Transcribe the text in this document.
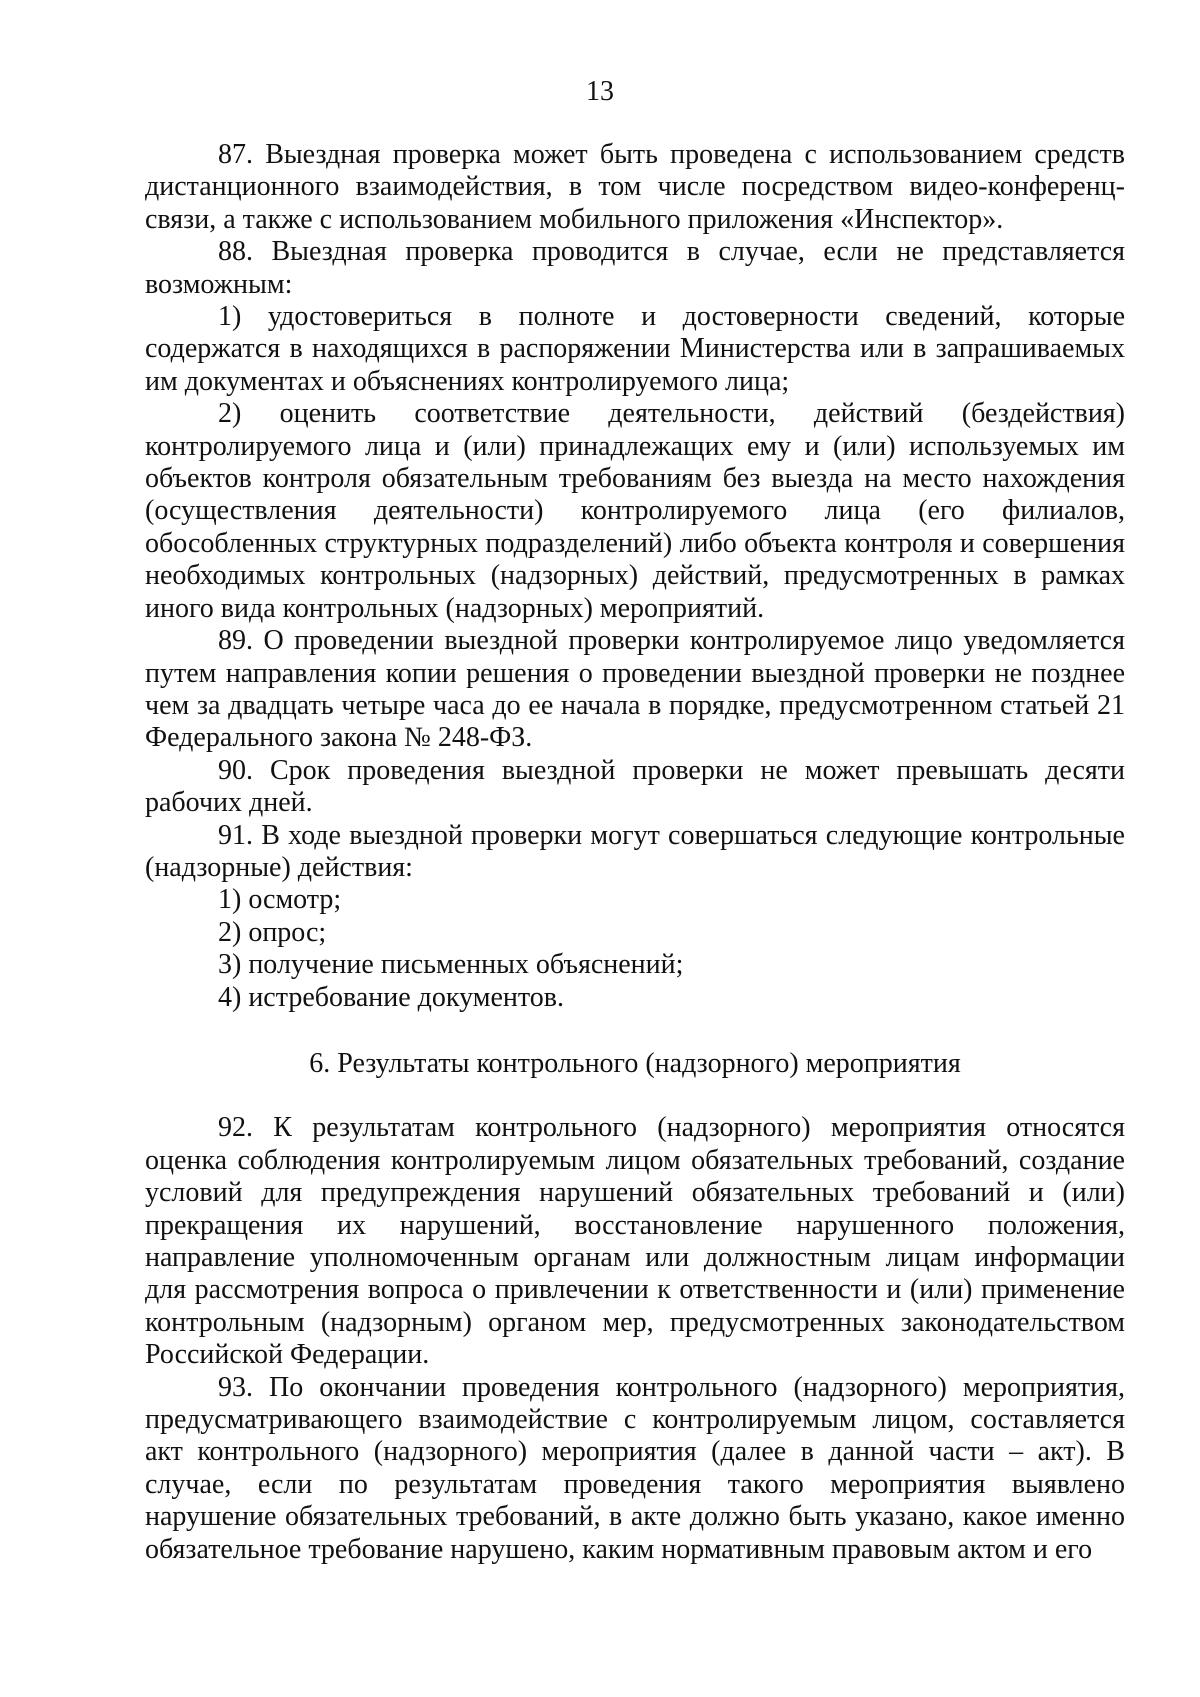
13

87. Выездная проверка может быть проведена с использованием средств дистанционного взаимодействия, в том числе посредством видео-конференц-связи, а также с использованием мобильного приложения «Инспектор».

88. Выездная проверка проводится в случае, если не представляется возможным:

1) удостовериться в полноте и достоверности сведений, которые содержатся в находящихся в распоряжении Министерства или в запрашиваемых им документах и объяснениях контролируемого лица;

2) оценить соответствие деятельности, действий (бездействия) контролируемого лица и (или) принадлежащих ему и (или) используемых им объектов контроля обязательным требованиям без выезда на место нахождения (осуществления деятельности) контролируемого лица (его филиалов, обособленных структурных подразделений) либо объекта контроля и совершения необходимых контрольных (надзорных) действий, предусмотренных в рамках иного вида контрольных (надзорных) мероприятий.

89. О проведении выездной проверки контролируемое лицо уведомляется путем направления копии решения о проведении выездной проверки не позднее чем за двадцать четыре часа до ее начала в порядке, предусмотренном статьей 21 Федерального закона № 248-ФЗ.

90. Срок проведения выездной проверки не может превышать десяти рабочих дней.

91. В ходе выездной проверки могут совершаться следующие контрольные (надзорные) действия:

1) осмотр;

2) опрос;

3) получение письменных объяснений;

4) истребование документов.

6. Результаты контрольного (надзорного) мероприятия

92. К результатам контрольного (надзорного) мероприятия относятся оценка соблюдения контролируемым лицом обязательных требований, создание условий для предупреждения нарушений обязательных требований и (или) прекращения их нарушений, восстановление нарушенного положения, направление уполномоченным органам или должностным лицам информации для рассмотрения вопроса о привлечении к ответственности и (или) применение контрольным (надзорным) органом мер, предусмотренных законодательством Российской Федерации.

93. По окончании проведения контрольного (надзорного) мероприятия, предусматривающего взаимодействие с контролируемым лицом, составляется акт контрольного (надзорного) мероприятия (далее в данной части – акт). В случае, если по результатам проведения такого мероприятия выявлено нарушение обязательных требований, в акте должно быть указано, какое именно обязательное требование нарушено, каким нормативным правовым актом и его
